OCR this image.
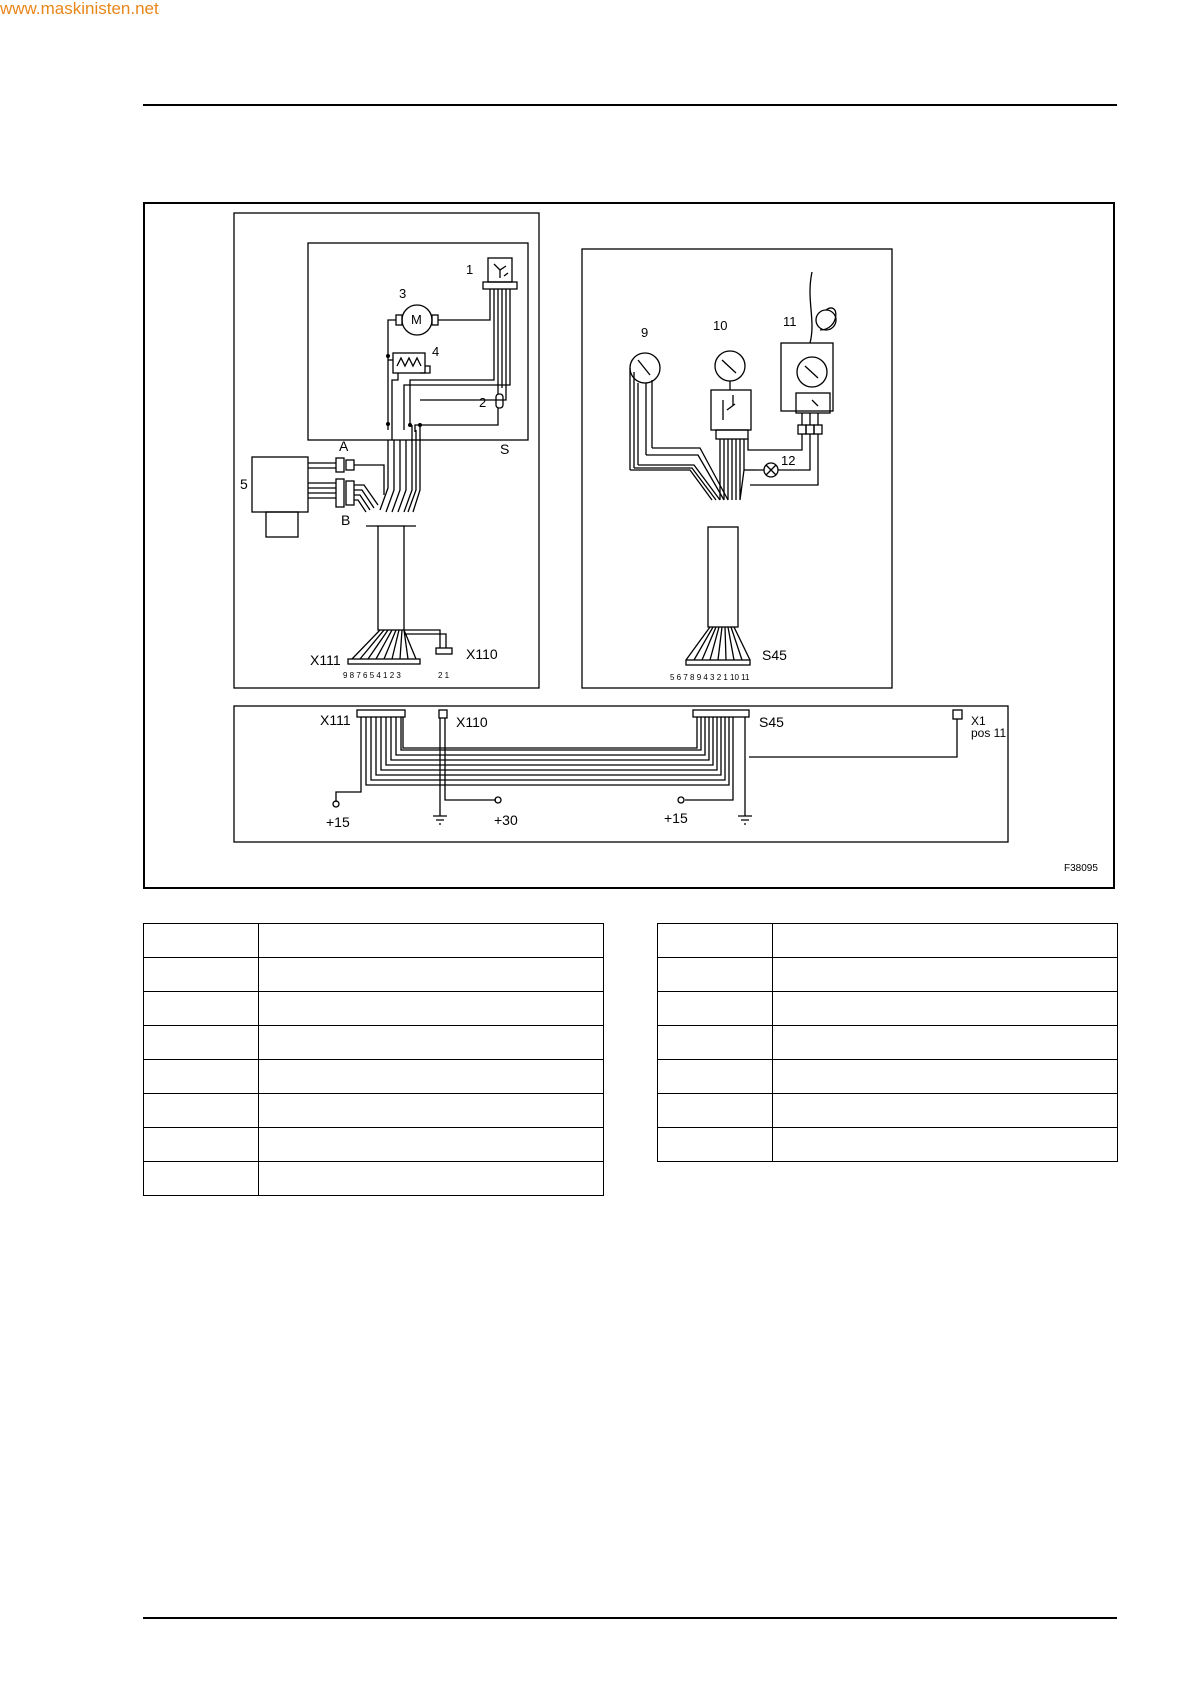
www.maskinisten.net
1
3
M
4
2
S
A
5
B
X111	X110
9 8 7 6 5 4 1 2 3	2 1
9	10	11
12
S45
5 6 7 8 9 4 3 2 1 10 11
X111	X110	S45	X1
pos 11
+15	+30	+15
F38095
